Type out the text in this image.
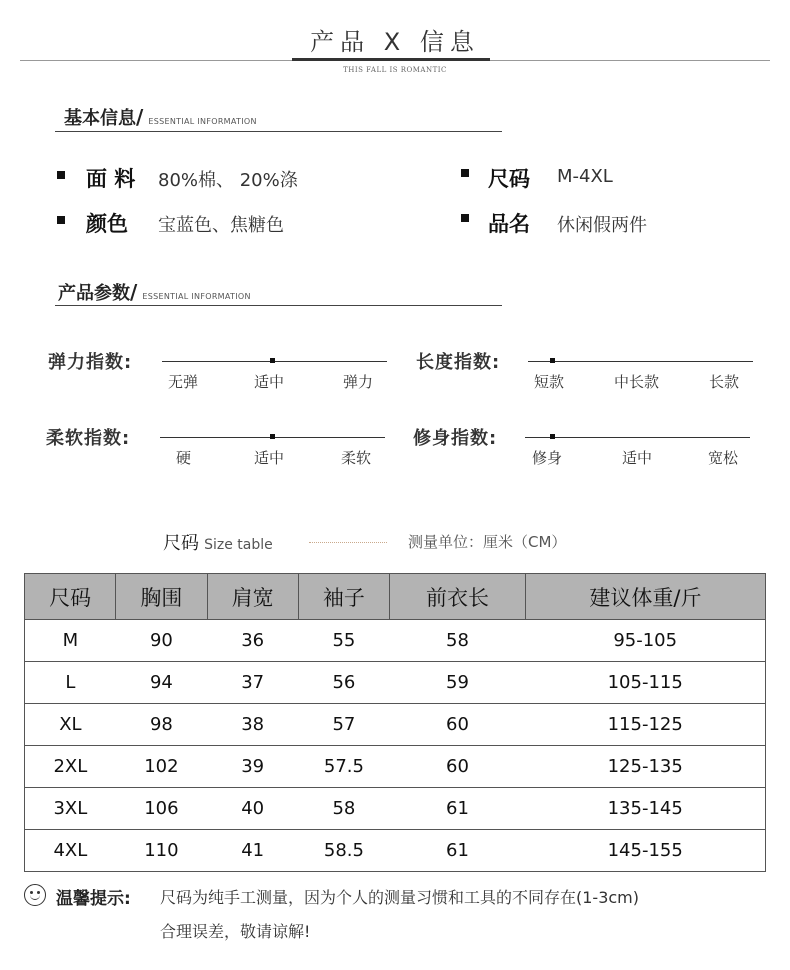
产品 X 信息
THIS FALL IS ROMANTIC
基本信息/ ESSENTIAL INFORMATION
面 料 80%棉、 20%涤	尺码 M-4XL
颜色 宝蓝色、焦糖色	品名 休闲假两件
产品参数/ ESSENTIAL INFORMATION
弹力指数:
无弹	适中	弹力
长度指数:
短款	中长款	长款
柔软指数:
硬	适中	柔软
修身指数:
修身	适中	宽松
尺码 Size table	测量单位：厘米（CM）
尺码	胸围	肩宽	袖子	前衣长	建议体重/斤
M	90	36	55	58	95-105
L	94	37	56	59	105-115
XL	98	38	57	60	115-125
2XL	102	39	57.5	60	125-135
3XL	106	40	58	61	135-145
4XL	110	41	58.5	61	145-155
温馨提示: 尺码为纯手工测量，因为个人的测量习惯和工具的不同存在(1-3cm)
合理误差，敬请谅解!
